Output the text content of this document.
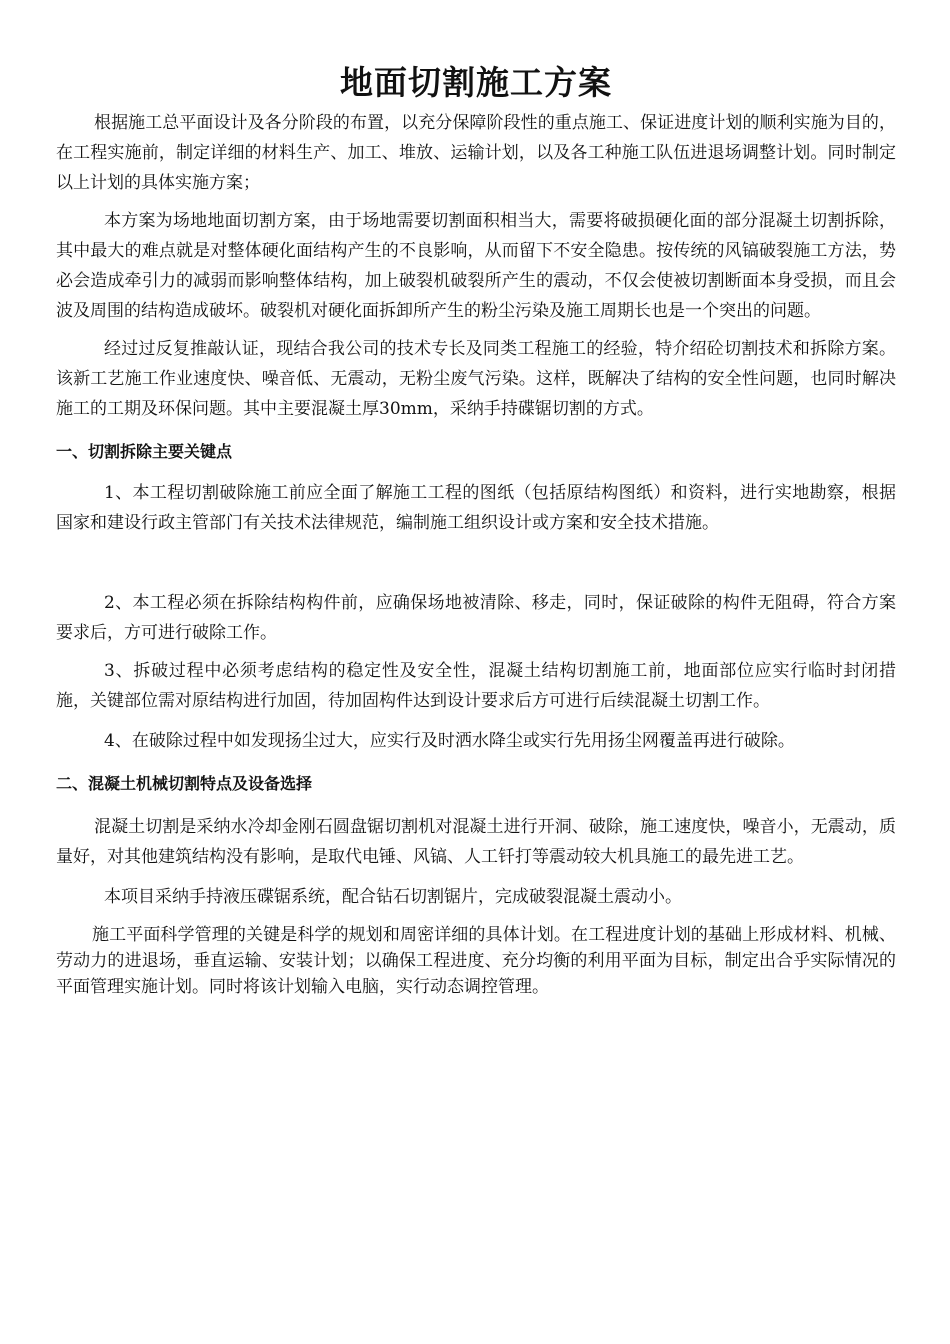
地面切割施工方案

根据施工总平面设计及各分阶段的布置，以充分保障阶段性的重点施工、保证进度计划的顺利实施为目的，在工程实施前，制定详细的材料生产、加工、堆放、运输计划，以及各工种施工队伍进退场调整计划。同时制定以上计划的具体实施方案；

本方案为场地地面切割方案，由于场地需要切割面积相当大，需要将破损硬化面的部分混凝土切割拆除，其中最大的难点就是对整体硬化面结构产生的不良影响，从而留下不安全隐患。按传统的风镐破裂施工方法，势必会造成牵引力的减弱而影响整体结构，加上破裂机破裂所产生的震动，不仅会使被切割断面本身受损，而且会波及周围的结构造成破坏。破裂机对硬化面拆卸所产生的粉尘污染及施工周期长也是一个突出的问题。

经过过反复推敲认证，现结合我公司的技术专长及同类工程施工的经验，特介绍砼切割技术和拆除方案。该新工艺施工作业速度快、噪音低、无震动，无粉尘废气污染。这样，既解决了结构的安全性问题，也同时解决施工的工期及环保问题。其中主要混凝土厚30mm，采纳手持碟锯切割的方式。

一、切割拆除主要关键点

1、本工程切割破除施工前应全面了解施工工程的图纸（包括原结构图纸）和资料，进行实地勘察，根据国家和建设行政主管部门有关技术法律规范，编制施工组织设计或方案和安全技术措施。

2、本工程必须在拆除结构构件前，应确保场地被清除、移走，同时，保证破除的构件无阻碍，符合方案要求后，方可进行破除工作。

3、拆破过程中必须考虑结构的稳定性及安全性，混凝土结构切割施工前，地面部位应实行临时封闭措施，关键部位需对原结构进行加固，待加固构件达到设计要求后方可进行后续混凝土切割工作。

4、在破除过程中如发现扬尘过大，应实行及时洒水降尘或实行先用扬尘网覆盖再进行破除。

二、混凝土机械切割特点及设备选择

混凝土切割是采纳水冷却金刚石圆盘锯切割机对混凝土进行开洞、破除，施工速度快，噪音小，无震动，质量好，对其他建筑结构没有影响，是取代电锤、风镐、人工钎打等震动较大机具施工的最先进工艺。

本项目采纳手持液压碟锯系统，配合钻石切割锯片，完成破裂混凝土震动小。

施工平面科学管理的关键是科学的规划和周密详细的具体计划。在工程进度计划的基础上形成材料、机械、劳动力的进退场，垂直运输、安装计划；以确保工程进度、充分均衡的利用平面为目标，制定出合乎实际情况的平面管理实施计划。同时将该计划输入电脑，实行动态调控管理。
